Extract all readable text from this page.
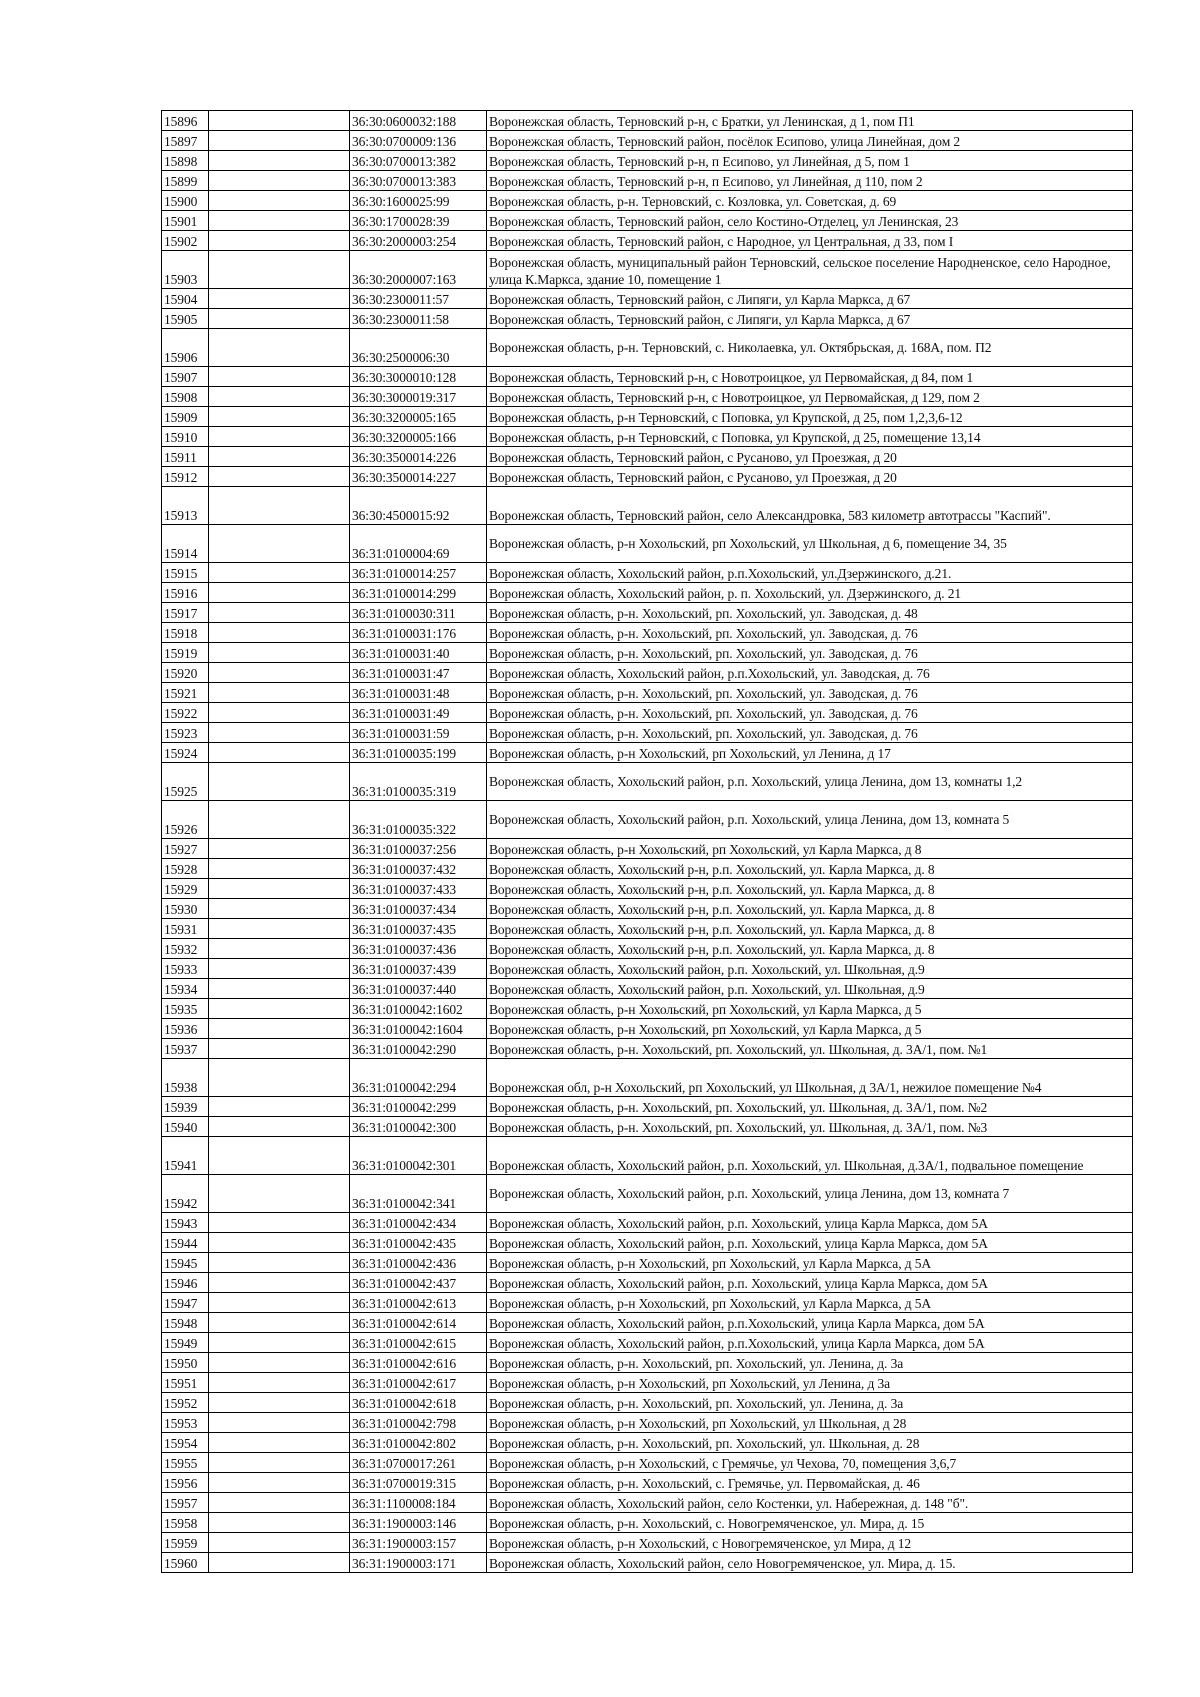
15896		36:30:0600032:188	Воронежская область, Терновский р-н, с Братки, ул Ленинская, д 1, пом П1
15897		36:30:0700009:136	Воронежская область, Терновский район, посёлок Есипово, улица Линейная, дом 2
15898		36:30:0700013:382	Воронежская область, Терновский р-н, п Есипово, ул Линейная, д 5, пом 1
15899		36:30:0700013:383	Воронежская область, Терновский р-н, п Есипово, ул Линейная, д 110, пом 2
15900		36:30:1600025:99	Воронежская область, р-н. Терновский, с. Козловка, ул. Советская, д. 69
15901		36:30:1700028:39	Воронежская область, Терновский район, село Костино-Отделец, ул Ленинская, 23
15902		36:30:2000003:254	Воронежская область, Терновский район, с Народное, ул Центральная, д 33, пом I
15903		36:30:2000007:163	Воронежская область, муниципальный район Терновский, сельское поселение Народненское, село Народное, улица К.Маркса, здание 10, помещение 1
15904		36:30:2300011:57	Воронежская область, Терновский район, с Липяги, ул Карла Маркса, д 67
15905		36:30:2300011:58	Воронежская область, Терновский район, с Липяги, ул Карла Маркса, д 67
15906		36:30:2500006:30	Воронежская область, р-н. Терновский, с. Николаевка, ул. Октябрьская, д. 168А, пом. П2
15907		36:30:3000010:128	Воронежская область, Терновский р-н, с Новотроицкое, ул Первомайская, д 84, пом 1
15908		36:30:3000019:317	Воронежская область, Терновский р-н, с Новотроицкое, ул Первомайская, д 129, пом 2
15909		36:30:3200005:165	Воронежская область, р-н Терновский, с Поповка, ул Крупской, д 25, пом 1,2,3,6-12
15910		36:30:3200005:166	Воронежская область, р-н Терновский, с Поповка, ул Крупской, д 25, помещение 13,14
15911		36:30:3500014:226	Воронежская область, Терновский район, с Русаново, ул Проезжая, д 20
15912		36:30:3500014:227	Воронежская область, Терновский район, с Русаново, ул Проезжая, д 20
15913		36:30:4500015:92	Воронежская область, Терновский район, село Александровка, 583 километр автотрассы "Каспий".
15914		36:31:0100004:69	Воронежская область, р-н Хохольский, рп Хохольский, ул Школьная, д 6, помещение 34, 35
15915		36:31:0100014:257	Воронежская область, Хохольский район, р.п.Хохольский, ул.Дзержинского, д.21.
15916		36:31:0100014:299	Воронежская область, Хохольский район, р. п. Хохольский, ул. Дзержинского, д. 21
15917		36:31:0100030:311	Воронежская область, р-н. Хохольский, рп. Хохольский, ул. Заводская, д. 48
15918		36:31:0100031:176	Воронежская область, р-н. Хохольский, рп. Хохольский, ул. Заводская, д. 76
15919		36:31:0100031:40	Воронежская область, р-н. Хохольский, рп. Хохольский, ул. Заводская, д. 76
15920		36:31:0100031:47	Воронежская область, Хохольский район, р.п.Хохольский, ул. Заводская, д. 76
15921		36:31:0100031:48	Воронежская область, р-н. Хохольский, рп. Хохольский, ул. Заводская, д. 76
15922		36:31:0100031:49	Воронежская область, р-н. Хохольский, рп. Хохольский, ул. Заводская, д. 76
15923		36:31:0100031:59	Воронежская область, р-н. Хохольский, рп. Хохольский, ул. Заводская, д. 76
15924		36:31:0100035:199	Воронежская область, р-н Хохольский, рп Хохольский, ул Ленина, д 17
15925		36:31:0100035:319	Воронежская область, Хохольский район, р.п. Хохольский, улица Ленина, дом 13, комнаты 1,2
15926		36:31:0100035:322	Воронежская область, Хохольский район, р.п. Хохольский, улица Ленина, дом 13, комната 5
15927		36:31:0100037:256	Воронежская область, р-н Хохольский, рп Хохольский, ул Карла Маркса, д 8
15928		36:31:0100037:432	Воронежская область, Хохольский р-н, р.п. Хохольский, ул. Карла Маркса, д. 8
15929		36:31:0100037:433	Воронежская область, Хохольский р-н, р.п. Хохольский, ул. Карла Маркса, д. 8
15930		36:31:0100037:434	Воронежская область, Хохольский р-н, р.п. Хохольский, ул. Карла Маркса, д. 8
15931		36:31:0100037:435	Воронежская область, Хохольский р-н, р.п. Хохольский, ул. Карла Маркса, д. 8
15932		36:31:0100037:436	Воронежская область, Хохольский р-н, р.п. Хохольский, ул. Карла Маркса, д. 8
15933		36:31:0100037:439	Воронежская область, Хохольский район, р.п. Хохольский, ул. Школьная, д.9
15934		36:31:0100037:440	Воронежская область, Хохольский район, р.п. Хохольский, ул. Школьная, д.9
15935		36:31:0100042:1602	Воронежская область, р-н Хохольский, рп Хохольский, ул Карла Маркса, д 5
15936		36:31:0100042:1604	Воронежская область, р-н Хохольский, рп Хохольский, ул Карла Маркса, д 5
15937		36:31:0100042:290	Воронежская область, р-н. Хохольский, рп. Хохольский, ул. Школьная, д. 3А/1, пом. №1
15938		36:31:0100042:294	Воронежская обл, р-н Хохольский, рп Хохольский, ул Школьная, д 3А/1, нежилое помещение №4
15939		36:31:0100042:299	Воронежская область, р-н. Хохольский, рп. Хохольский, ул. Школьная, д. 3А/1, пом. №2
15940		36:31:0100042:300	Воронежская область, р-н. Хохольский, рп. Хохольский, ул. Школьная, д. 3А/1, пом. №3
15941		36:31:0100042:301	Воронежская область, Хохольский район, р.п. Хохольский, ул. Школьная, д.3А/1, подвальное помещение
15942		36:31:0100042:341	Воронежская область, Хохольский район, р.п. Хохольский, улица Ленина, дом 13, комната 7
15943		36:31:0100042:434	Воронежская область, Хохольский район, р.п. Хохольский, улица Карла Маркса, дом 5А
15944		36:31:0100042:435	Воронежская область, Хохольский район, р.п. Хохольский, улица Карла Маркса, дом 5А
15945		36:31:0100042:436	Воронежская область, р-н Хохольский, рп Хохольский, ул Карла Маркса, д 5А
15946		36:31:0100042:437	Воронежская область, Хохольский район, р.п. Хохольский, улица Карла Маркса, дом 5А
15947		36:31:0100042:613	Воронежская область, р-н Хохольский, рп Хохольский, ул Карла Маркса, д 5А
15948		36:31:0100042:614	Воронежская область, Хохольский район, р.п.Хохольский, улица Карла Маркса, дом 5А
15949		36:31:0100042:615	Воронежская область, Хохольский район, р.п.Хохольский, улица Карла Маркса, дом 5А
15950		36:31:0100042:616	Воронежская область, р-н. Хохольский, рп. Хохольский, ул. Ленина, д. 3а
15951		36:31:0100042:617	Воронежская область, р-н Хохольский, рп Хохольский, ул Ленина, д 3а
15952		36:31:0100042:618	Воронежская область, р-н. Хохольский, рп. Хохольский, ул. Ленина, д. 3а
15953		36:31:0100042:798	Воронежская область, р-н Хохольский, рп Хохольский, ул Школьная, д 28
15954		36:31:0100042:802	Воронежская область, р-н. Хохольский, рп. Хохольский, ул. Школьная, д. 28
15955		36:31:0700017:261	Воронежская область, р-н Хохольский, с Гремячье, ул Чехова, 70, помещения 3,6,7
15956		36:31:0700019:315	Воронежская область, р-н. Хохольский, с. Гремячье, ул. Первомайская, д. 46
15957		36:31:1100008:184	Воронежская область, Хохольский район, село Костенки, ул. Набережная, д. 148 "б".
15958		36:31:1900003:146	Воронежская область, р-н. Хохольский, с. Новогремяченское, ул. Мира, д. 15
15959		36:31:1900003:157	Воронежская область, р-н Хохольский, с Новогремяченское, ул Мира, д 12
15960		36:31:1900003:171	Воронежская область, Хохольский район, село Новогремяченское, ул. Мира, д. 15.
